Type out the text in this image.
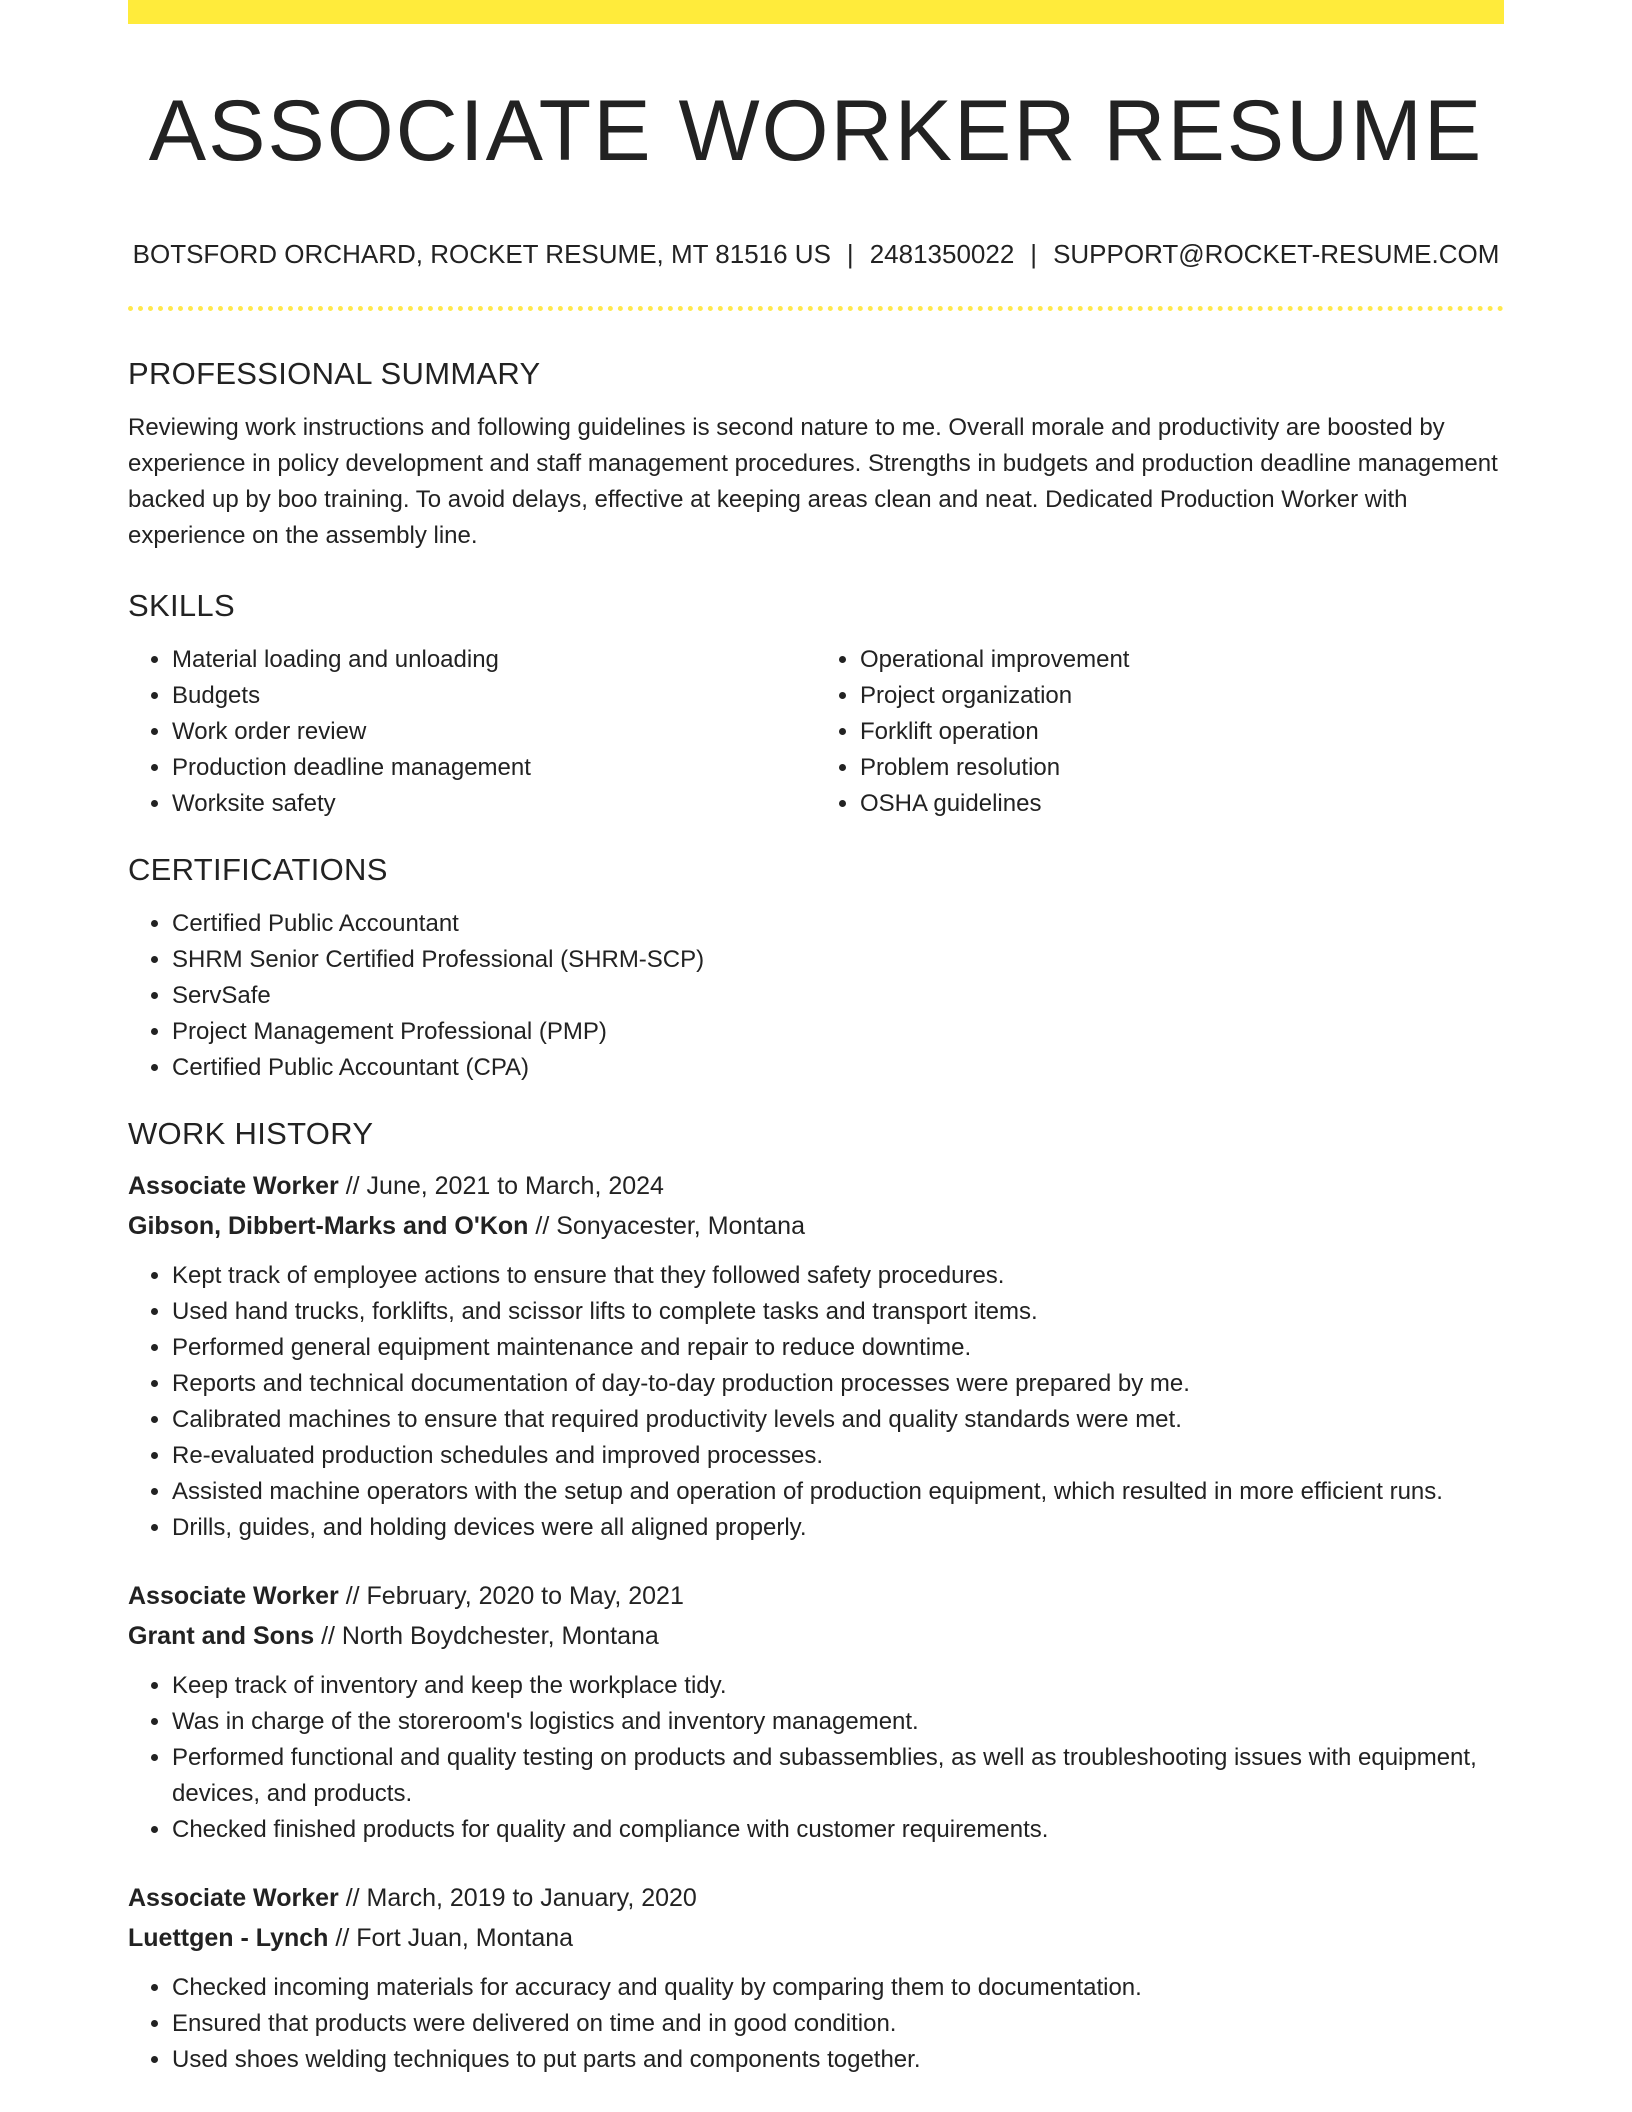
ASSOCIATE WORKER RESUME
BOTSFORD ORCHARD, ROCKET RESUME, MT 81516 US | 2481350022 | SUPPORT@ROCKET-RESUME.COM
PROFESSIONAL SUMMARY

Reviewing work instructions and following guidelines is second nature to me. Overall morale and productivity are boosted by experience in policy development and staff management procedures. Strengths in budgets and production deadline management backed up by boo training. To avoid delays, effective at keeping areas clean and neat. Dedicated Production Worker with experience on the assembly line.

SKILLS
• Material loading and unloading
• Budgets
• Work order review
• Production deadline management
• Worksite safety
• Operational improvement
• Project organization
• Forklift operation
• Problem resolution
• OSHA guidelines
CERTIFICATIONS
• Certified Public Accountant
• SHRM Senior Certified Professional (SHRM-SCP)
• ServSafe
• Project Management Professional (PMP)
• Certified Public Accountant (CPA)
WORK HISTORY
Associate Worker // June, 2021 to March, 2024
Gibson, Dibbert-Marks and O'Kon // Sonyacester, Montana
• Kept track of employee actions to ensure that they followed safety procedures.
• Used hand trucks, forklifts, and scissor lifts to complete tasks and transport items.
• Performed general equipment maintenance and repair to reduce downtime.
• Reports and technical documentation of day-to-day production processes were prepared by me.
• Calibrated machines to ensure that required productivity levels and quality standards were met.
• Re-evaluated production schedules and improved processes.
• Assisted machine operators with the setup and operation of production equipment, which resulted in more efficient runs.
• Drills, guides, and holding devices were all aligned properly.
Associate Worker // February, 2020 to May, 2021
Grant and Sons // North Boydchester, Montana
• Keep track of inventory and keep the workplace tidy.
• Was in charge of the storeroom's logistics and inventory management.
• Performed functional and quality testing on products and subassemblies, as well as troubleshooting issues with equipment, devices, and products.
• Checked finished products for quality and compliance with customer requirements.
Associate Worker // March, 2019 to January, 2020
Luettgen - Lynch // Fort Juan, Montana
• Checked incoming materials for accuracy and quality by comparing them to documentation.
• Ensured that products were delivered on time and in good condition.
• Used shoes welding techniques to put parts and components together.
